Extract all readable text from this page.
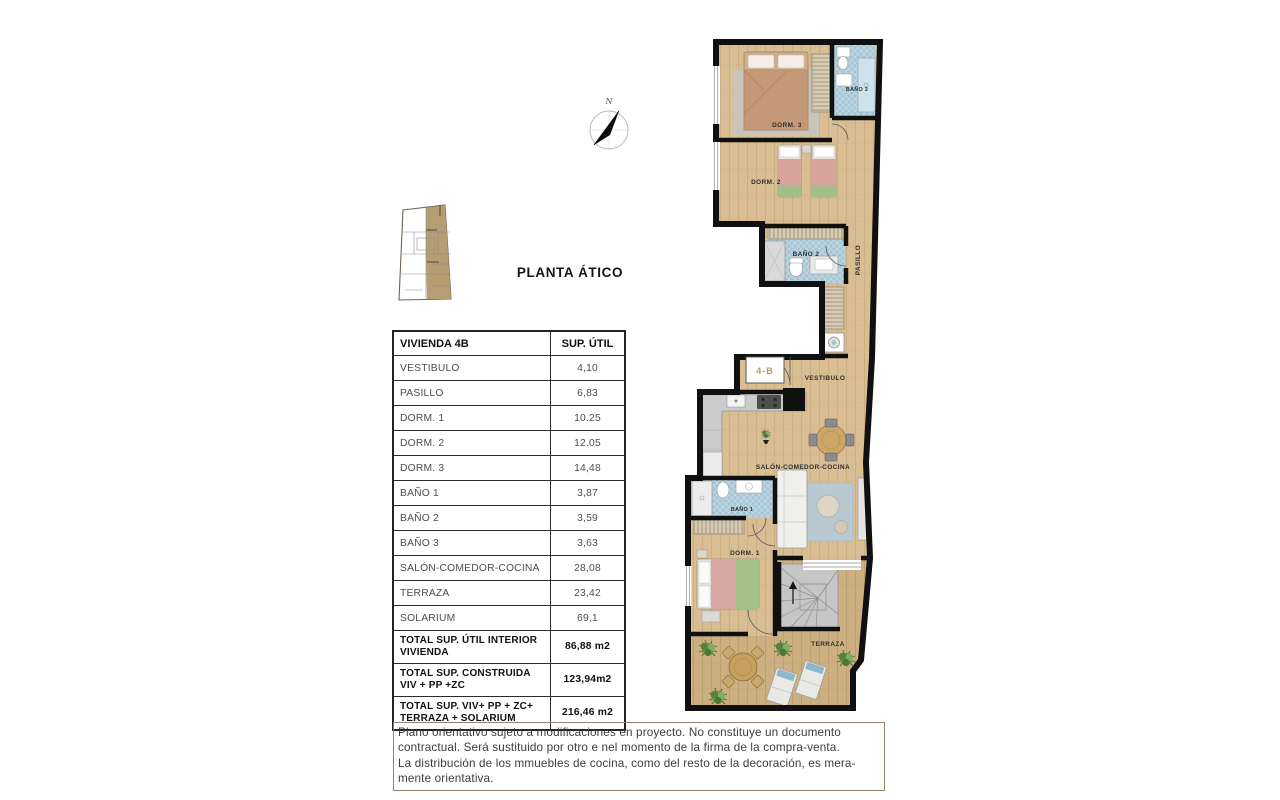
N
PLANTA ÁTICO
VIVIENDA 4B	SUP. ÚTIL
VESTIBULO	4,10
PASILLO	6,83
DORM. 1	10.25
DORM. 2	12.05
DORM. 3	14,48
BAÑO 1	3,87
BAÑO 2	3,59
BAÑO 3	3,63
SALÓN-COMEDOR-COCINA	28,08
TERRAZA	23,42
SOLARIUM	69,1
TOTAL SUP. ÚTIL INTERIOR VIVIENDA	86,88 m2
TOTAL SUP. CONSTRUIDA VIV + PP +ZC	123,94m2
TOTAL SUP. VIV+ PP + ZC+ TERRAZA + SOLARIUM	216,46 m2
4-B
DORM. 3
BAÑO 3
DORM. 2
BAÑO 2	PASILLO
VESTIBULO
SALÓN-COMEDOR-COCINA
BAÑO 1
DORM. 1
TERRAZA
Plano orientativo sujeto a modificaciones en proyecto. No constituye un documento
contractual. Será sustituido por otro e nel momento de la firma de la compra-venta.
La distribución de los mmuebles de cocina, como del resto de la decoración, es mera-
mente orientativa.
